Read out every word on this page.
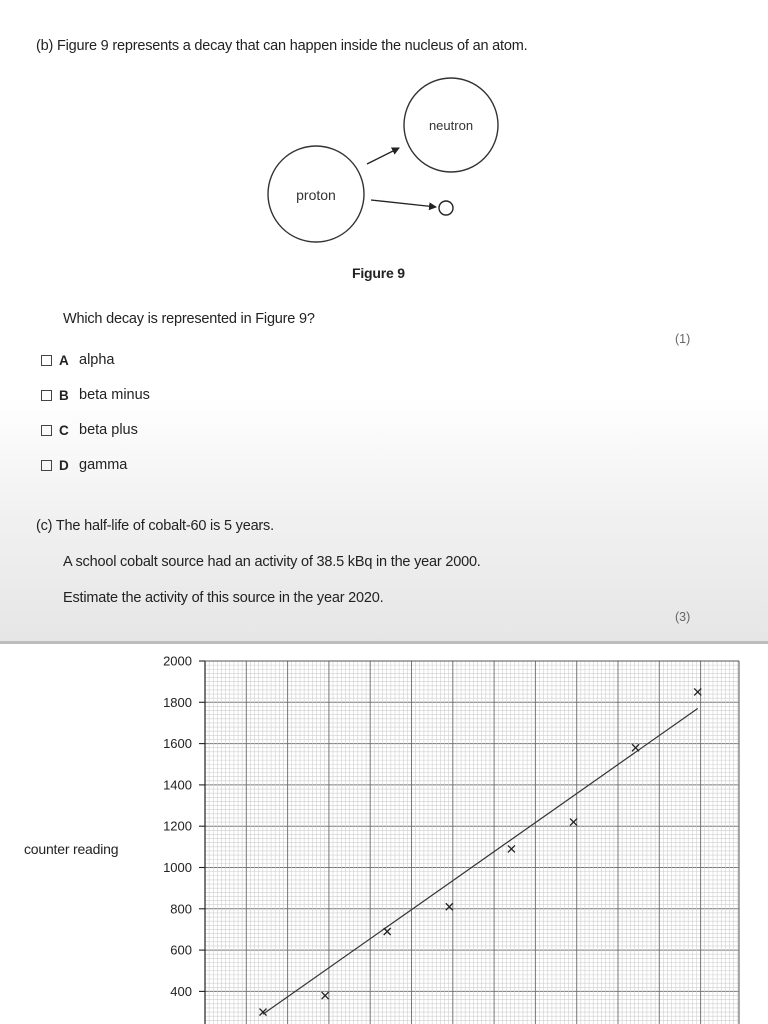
(b) Figure 9 represents a decay that can happen inside the nucleus of an atom.
neutron
proton
Figure 9
Which decay is represented in Figure 9?
(1)
A alpha
B beta minus
C beta plus
D gamma
(c) The half-life of cobalt-60 is 5 years.
A school cobalt source had an activity of 38.5 kBq in the year 2000.
Estimate the activity of this source in the year 2020.
(3)
counter reading
400
600
800
1000
1200
1400
1600
1800
2000
